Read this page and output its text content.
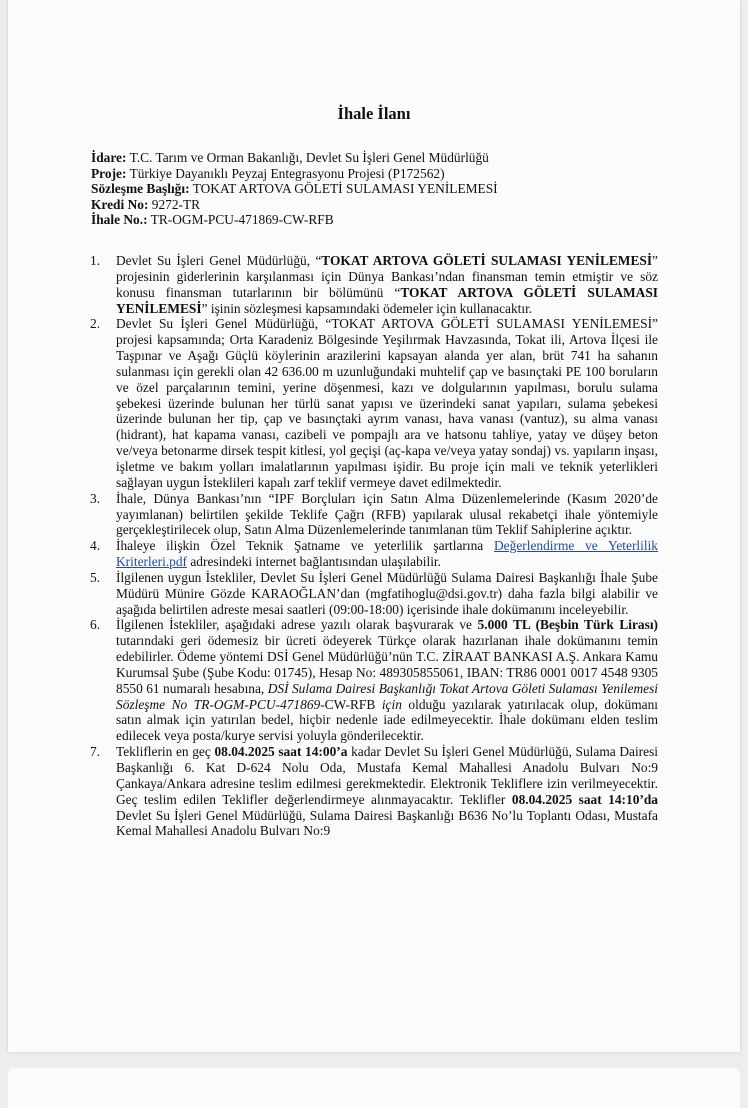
İhale İlanı
İdare: T.C. Tarım ve Orman Bakanlığı, Devlet Su İşleri Genel Müdürlüğü
Proje: Türkiye Dayanıklı Peyzaj Entegrasyonu Projesi (P172562)
Sözleşme Başlığı: TOKAT ARTOVA GÖLETİ SULAMASI YENİLEMESİ
Kredi No: 9272-TR
İhale No.: TR-OGM-PCU-471869-CW-RFB
1. Devlet Su İşleri Genel Müdürlüğü, “TOKAT ARTOVA GÖLETİ SULAMASI YENİLEMESİ” projesinin giderlerinin karşılanması için Dünya Bankası’ndan finansman temin etmiştir ve söz konusu finansman tutarlarının bir bölümünü “TOKAT ARTOVA GÖLETİ SULAMASI YENİLEMESİ” işinin sözleşmesi kapsamındaki ödemeler için kullanacaktır.
2. Devlet Su İşleri Genel Müdürlüğü, “TOKAT ARTOVA GÖLETİ SULAMASI YENİLEMESİ” projesi kapsamında; Orta Karadeniz Bölgesinde Yeşilırmak Havzasında, Tokat ili, Artova İlçesi ile Taşpınar ve Aşağı Güçlü köylerinin arazilerini kapsayan alanda yer alan, brüt 741 ha sahanın sulanması için gerekli olan 42 636.00 m uzunluğundaki muhtelif çap ve basınçtaki PE 100 boruların ve özel parçalarının temini, yerine döşenmesi, kazı ve dolgularının yapılması, borulu sulama şebekesi üzerinde bulunan her türlü sanat yapısı ve üzerindeki sanat yapıları, sulama şebekesi üzerinde bulunan her tip, çap ve basınçtaki ayrım vanası, hava vanası (vantuz), su alma vanası (hidrant), hat kapama vanası, cazibeli ve pompajlı ara ve hatsonu tahliye, yatay ve düşey beton ve/veya betonarme dirsek tespit kitlesi, yol geçişi (aç-kapa ve/veya yatay sondaj) vs. yapıların inşası, işletme ve bakım yolları imalatlarının yapılması işidir. Bu proje için mali ve teknik yeterlikleri sağlayan uygun İsteklileri kapalı zarf teklif vermeye davet edilmektedir.
3. İhale, Dünya Bankası’nın “IPF Borçluları için Satın Alma Düzenlemelerinde (Kasım 2020’de yayımlanan) belirtilen şekilde Teklife Çağrı (RFB) yapılarak ulusal rekabetçi ihale yöntemiyle gerçekleştirilecek olup, Satın Alma Düzenlemelerinde tanımlanan tüm Teklif Sahiplerine açıktır.
4. İhaleye ilişkin Özel Teknik Şatname ve yeterlilik şartlarına Değerlendirme ve Yeterlilik Kriterleri.pdf adresindeki internet bağlantısından ulaşılabilir.
5. İlgilenen uygun İstekliler, Devlet Su İşleri Genel Müdürlüğü Sulama Dairesi Başkanlığı İhale Şube Müdürü Münire Gözde KARAOĞLAN’dan (mgfatihoglu@dsi.gov.tr) daha fazla bilgi alabilir ve aşağıda belirtilen adreste mesai saatleri (09:00-18:00) içerisinde ihale dokümanını inceleyebilir.
6. İlgilenen İstekliler, aşağıdaki adrese yazılı olarak başvurarak ve 5.000 TL (Beşbin Türk Lirası) tutarındaki geri ödemesiz bir ücreti ödeyerek Türkçe olarak hazırlanan ihale dokümanını temin edebilirler. Ödeme yöntemi DSİ Genel Müdürlüğü’nün T.C. ZİRAAT BANKASI A.Ş. Ankara Kamu Kurumsal Şube (Şube Kodu: 01745), Hesap No: 489305855061, IBAN: TR86 0001 0017 4548 9305 8550 61 numaralı hesabına, DSİ Sulama Dairesi Başkanlığı Tokat Artova Göleti Sulaması Yenilemesi Sözleşme No TR-OGM-PCU-471869-CW-RFB için olduğu yazılarak yatırılacak olup, dokümanı satın almak için yatırılan bedel, hiçbir nedenle iade edilmeyecektir. İhale dokümanı elden teslim edilecek veya posta/kurye servisi yoluyla gönderilecektir.
7. Tekliflerin en geç 08.04.2025 saat 14:00’a kadar Devlet Su İşleri Genel Müdürlüğü, Sulama Dairesi Başkanlığı 6. Kat D-624 Nolu Oda, Mustafa Kemal Mahallesi Anadolu Bulvarı No:9 Çankaya/Ankara adresine teslim edilmesi gerekmektedir. Elektronik Tekliflere izin verilmeyecektir. Geç teslim edilen Teklifler değerlendirmeye alınmayacaktır. Teklifler 08.04.2025 saat 14:10’da Devlet Su İşleri Genel Müdürlüğü, Sulama Dairesi Başkanlığı B636 No’lu Toplantı Odası, Mustafa Kemal Mahallesi Anadolu Bulvarı No:9
